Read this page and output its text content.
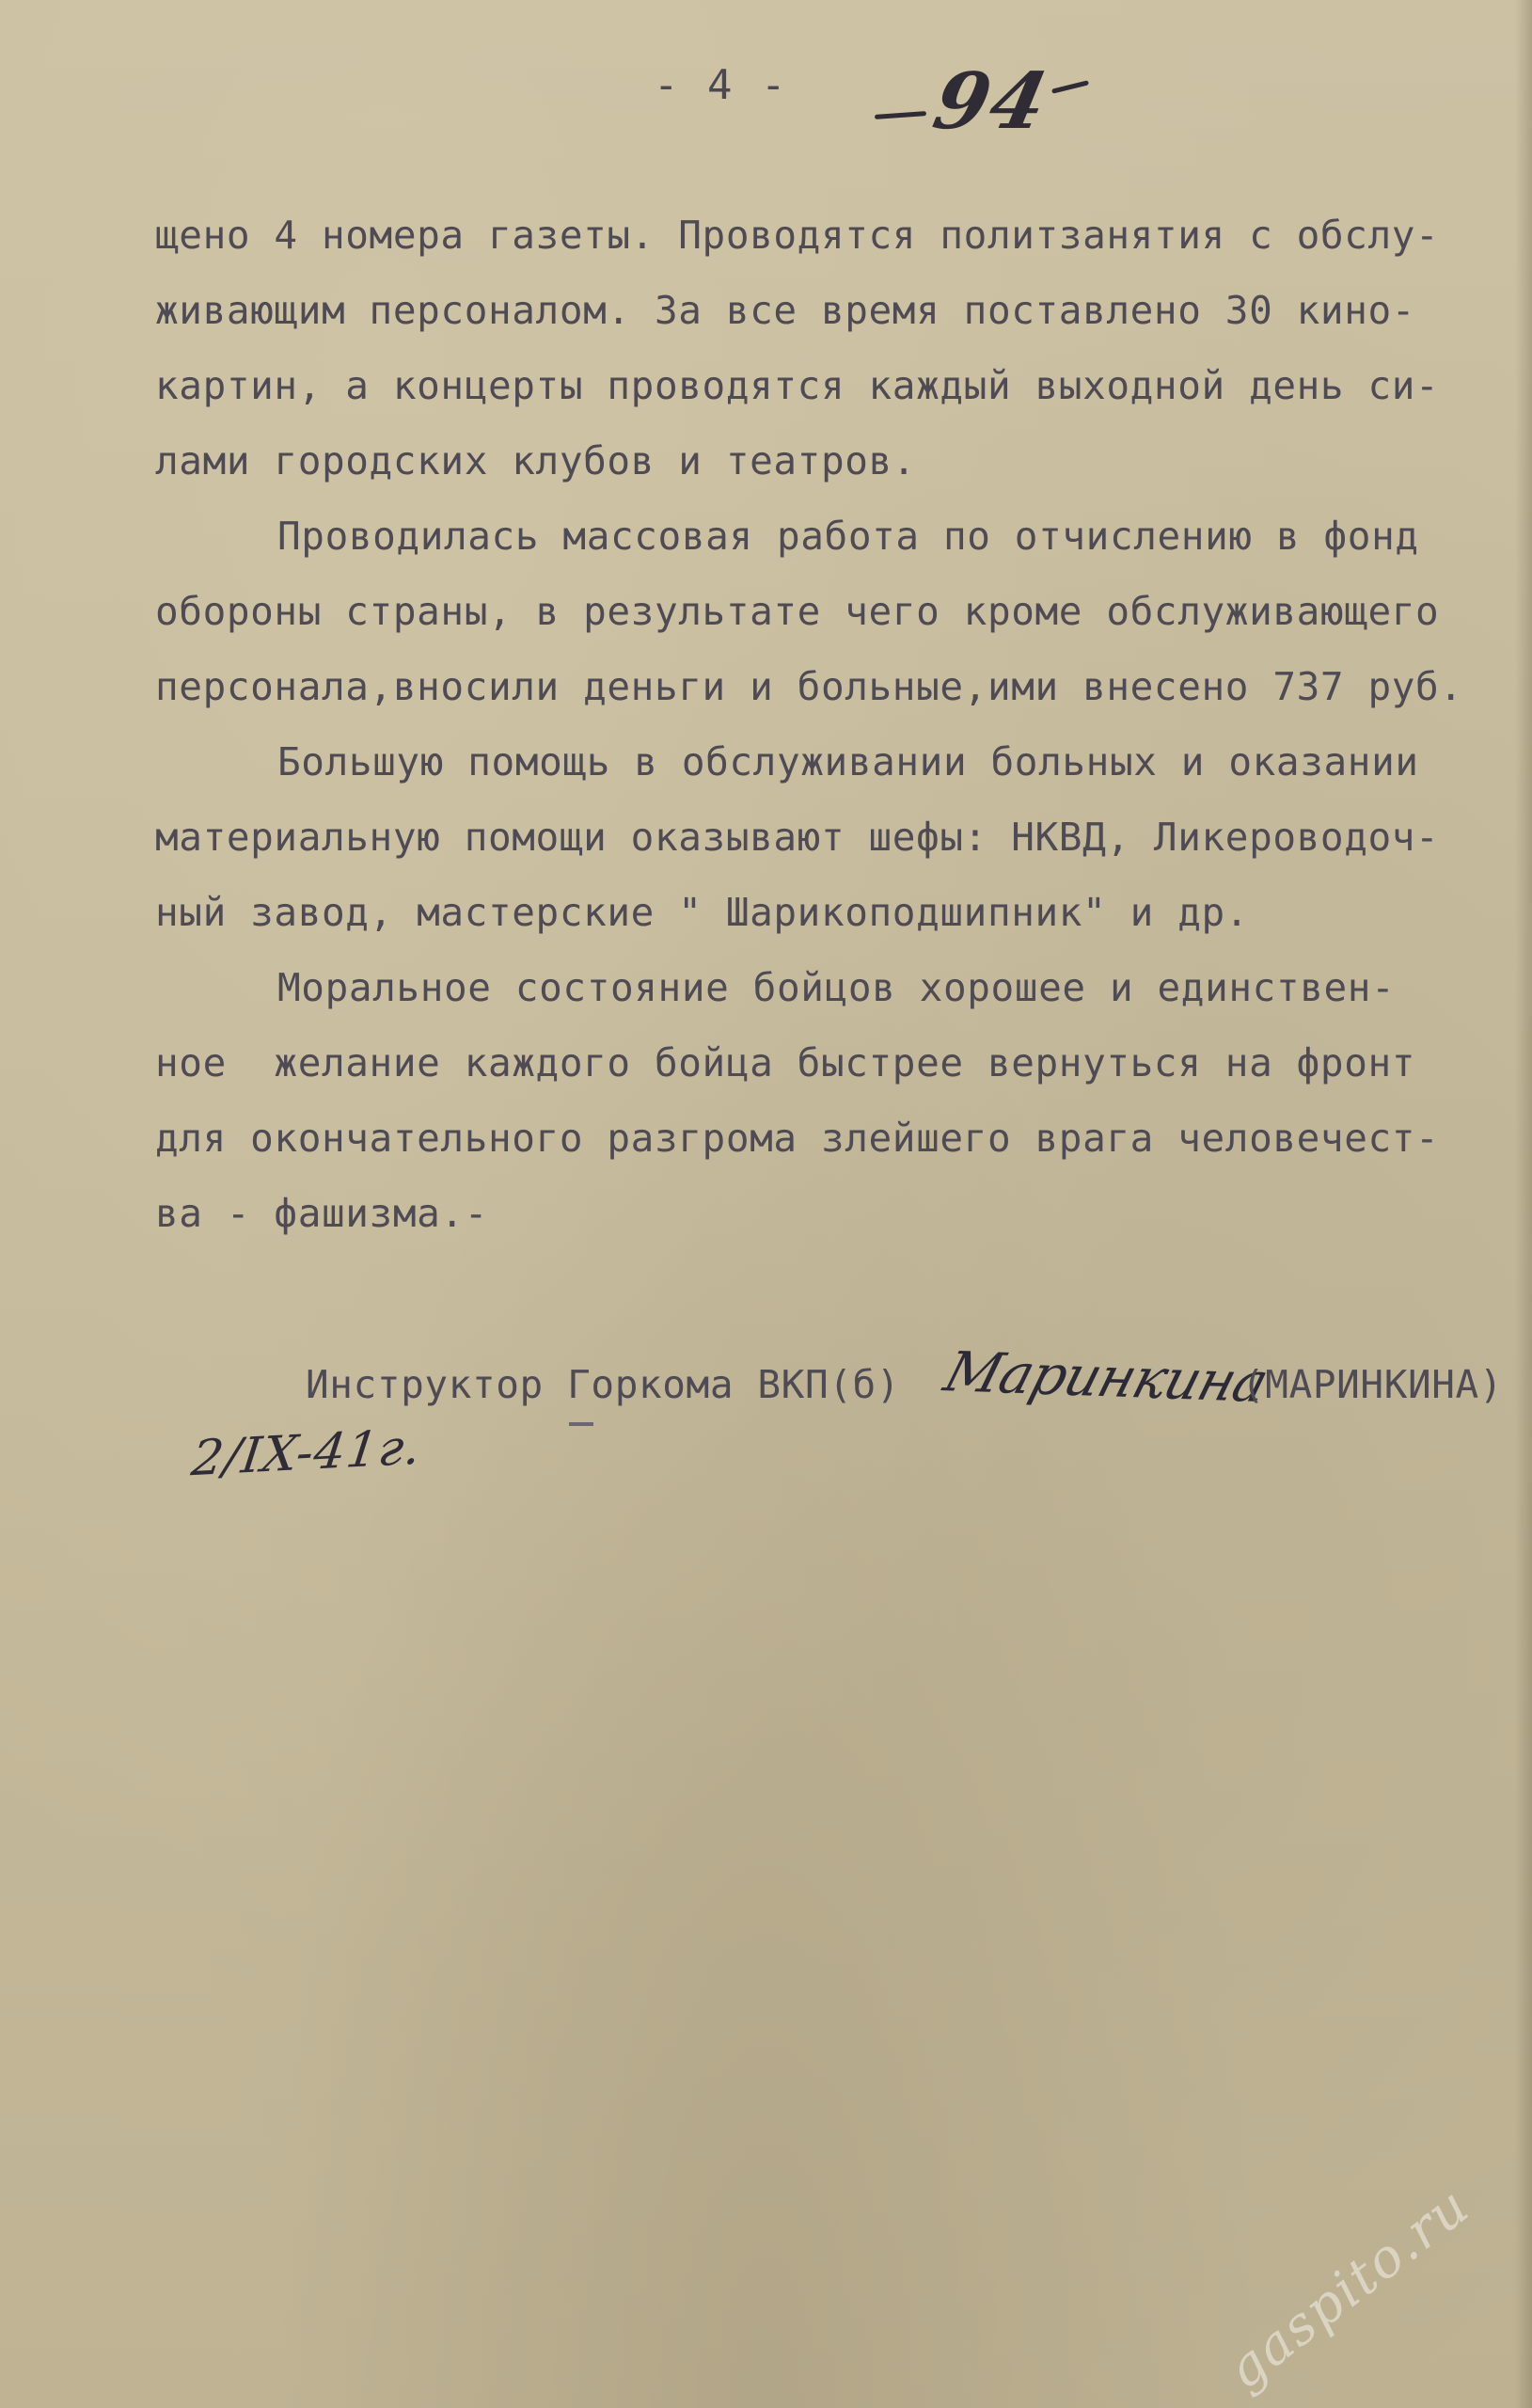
- 4 - 94
щено 4 номера газеты. Проводятся политзанятия с обслу-
живающим персоналом. За все время поставлено 30 кино-
картин, а концерты проводятся каждый выходной день си-
лами городских клубов и театров.
Проводилась массовая работа по отчислению в фонд
обороны страны, в результате чего кроме обслуживающего
персонала,вносили деньги и больные,ими внесено 737 руб.
Большую помощь в обслуживании больных и оказании
материальную помощи оказывают шефы: НКВД, Ликероводоч-
ный завод, мастерские " Шарикоподшипник" и др.
Моральное состояние бойцов хорошее и единствен-
ное  желание каждого бойца быстрее вернуться на фронт
для окончательного разгрома злейшего врага человечест-
ва - фашизма.-
Инструктор Горкома ВКП(б) Маринкина
(МАРИНКИНА)
2/IX-41г.
gaspito.ru
